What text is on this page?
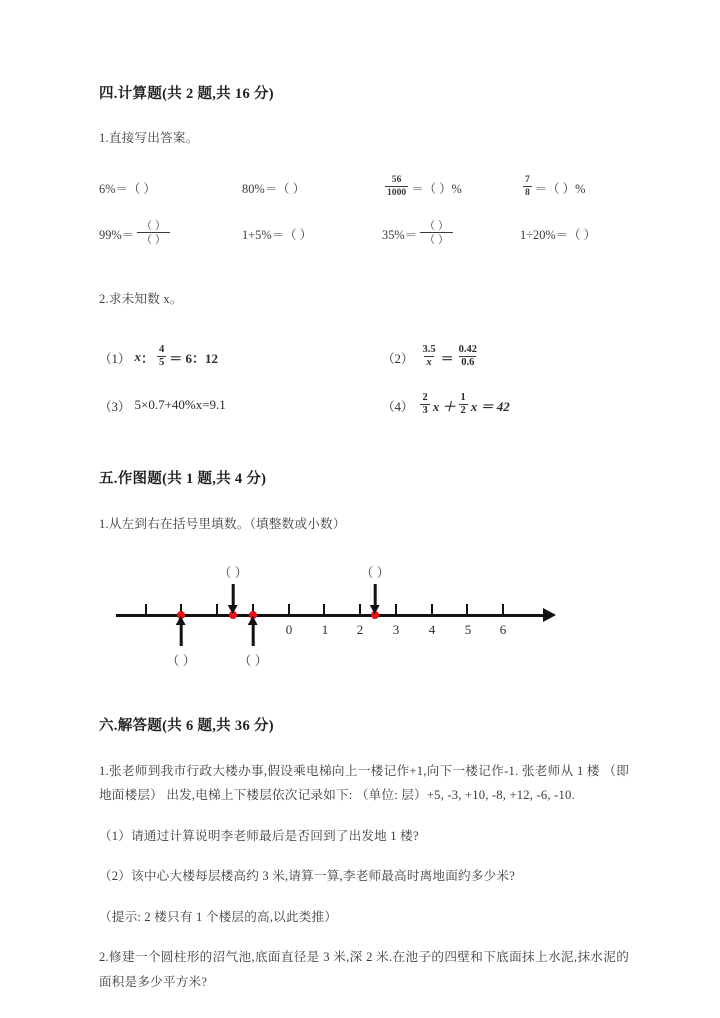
四.计算题(共 2 题,共 16 分)

1.直接写出答案。

6%＝（ ）	80%＝（ ）	$\frac{56}{1000}$ ＝（ ）%	$\frac{7}{8}$ ＝（ ）%
$99\%= \frac{( )}{( )}$	1+5%＝（ ）	$35\%= \frac{( )}{( )}$	1÷20%＝（ ）

2.求未知数 x。

（1） x ： $\frac{4}{5} = 6$：12	$(2) \frac{3.5}{x} = \frac{0.42}{0.6}$
（3） 5×0.7+40%x=9.1	$(4) \frac{2}{3}$ $x + \frac{1}{2}$ x ＝ 42
五.作图题(共 1 题,共 4 分)

1.从左到右在括号里填数。（填整数或小数）

0 1 2 3 4 5 6
（ ）	（ ）
（ ）	（ ）
六.解答题(共 6 题,共 36 分)

1.张老师到我市行政大楼办事,假设乘电梯向上一楼记作+1,向下一楼记作-1. 张老师从 1 楼 （即地面楼层） 出发,电梯上下楼层依次记录如下: （单位: 层）+5, -3, +10, -8, +12, -6, -10.

（1）请通过计算说明李老师最后是否回到了出发地 1 楼?

（2）该中心大楼每层楼高约 3 米,请算一算,李老师最高时离地面约多少米?

（提示: 2 楼只有 1 个楼层的高,以此类推）

2.修建一个圆柱形的沼气池,底面直径是 3 米,深 2 米.在池子的四壁和下底面抹上水泥,抹水泥的面积是多少平方米?
